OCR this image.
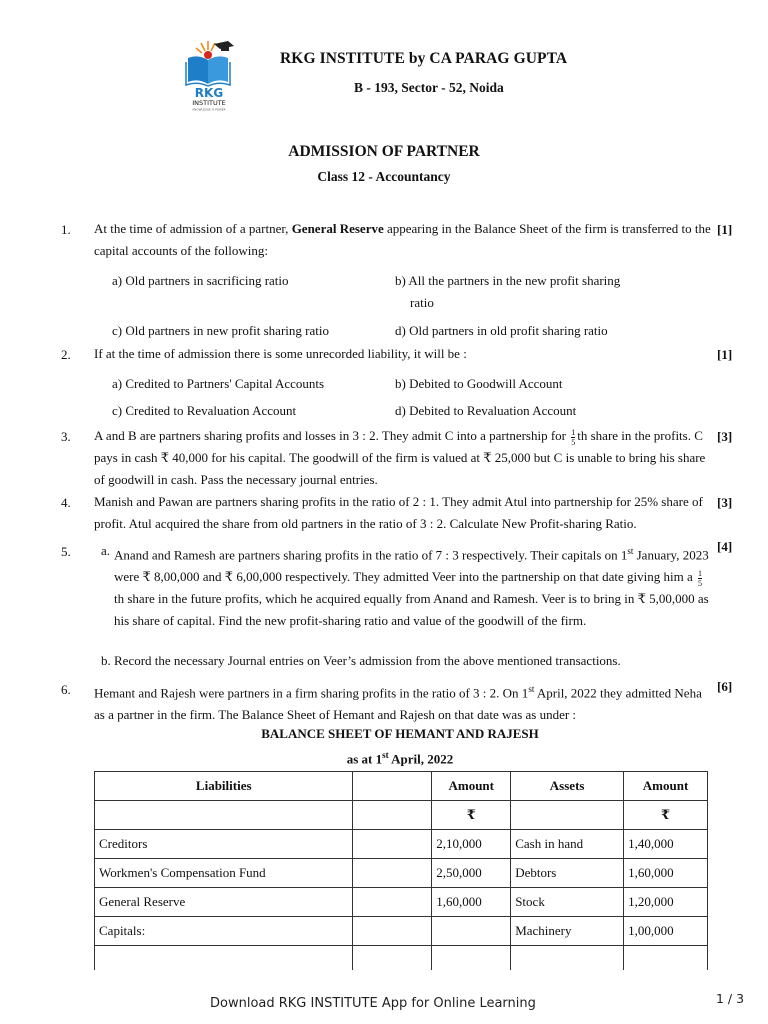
RKG
INSTITUTE
KNOWLEDGE IS POWER
RKG INSTITUTE by CA PARAG GUPTA
B - 193, Sector - 52, Noida
ADMISSION OF PARTNER
Class 12 - Accountancy
1. At the time of admission of a partner, General Reserve appearing in the Balance Sheet of the firm is transferred to the capital accounts of the following:
[1]
a) Old partners in sacrificing ratio	b) All the partners in the new profit sharing
ratio
c) Old partners in new profit sharing ratio	d) Old partners in old profit sharing ratio
2. If at the time of admission there is some unrecorded liability, it will be :	[1]
a) Credited to Partners' Capital Accounts	b) Debited to Goodwill Account
c) Credited to Revaluation Account	d) Debited to Revaluation Account
3. A and B are partners sharing profits and losses in 3 : 2. They admit C into a partnership for $\frac{1}{5}$ th share in the profits. C pays in cash ₹ 40,000 for his capital. The goodwill of the firm is valued at ₹ 25,000 but C is unable to bring his share of goodwill in cash. Pass the necessary journal entries.
[3]
4. Manish and Pawan are partners sharing profits in the ratio of 2 : 1. They admit Atul into partnership for 25% share of profit. Atul acquired the share from old partners in the ratio of 3 : 2. Calculate New Profit-sharing Ratio.
[3]
5. a. Anand and Ramesh are partners sharing profits in the ratio of 7 : 3 respectively. Their capitals on 1st January, 2023 were ₹ 8,00,000 and ₹ 6,00,000 respectively. They admitted Veer into the partnership on that date giving him a $\frac{1}{5}$
th share in the future profits, which he acquired equally from Anand and Ramesh. Veer is to bring in ₹ 5,00,000 as his share of capital. Find the new profit-sharing ratio and value of the goodwill of the firm.
b. Record the necessary Journal entries on Veer’s admission from the above mentioned transactions.
[4]
6. Hemant and Rajesh were partners in a firm sharing profits in the ratio of 3 : 2. On 1st April, 2022 they admitted Neha as a partner in the firm. The Balance Sheet of Hemant and Rajesh on that date was as under :
[6]
BALANCE SHEET OF HEMANT AND RAJESH
as at 1st April, 2022
Liabilities		Amount	Assets	Amount
		₹		₹
Creditors		2,10,000	Cash in hand	1,40,000
Workmen's Compensation Fund		2,50,000	Debtors	1,60,000
General Reserve		1,60,000	Stock	1,20,000
Capitals:			Machinery	1,00,000

Download RKG INSTITUTE App for Online Learning	1 / 3
